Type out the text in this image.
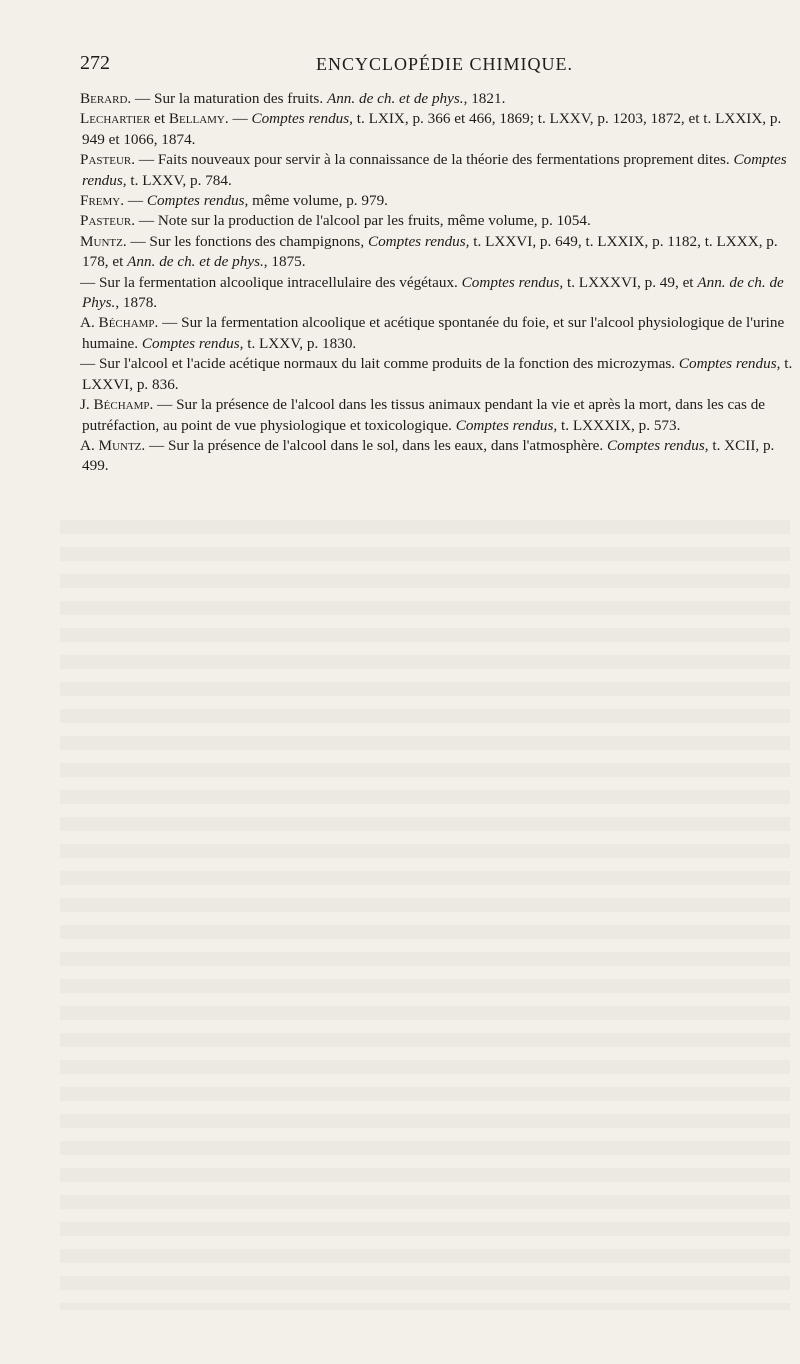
272	ENCYCLOPÉDIE CHIMIQUE.

Berard. — Sur la maturation des fruits. Ann. de ch. et de phys., 1821.

Lechartier et Bellamy. — Comptes rendus, t. LXIX, p. 366 et 466, 1869; t. LXXV, p. 1203, 1872, et t. LXXIX, p. 949 et 1066, 1874.

Pasteur. — Faits nouveaux pour servir à la connaissance de la théorie des fermentations proprement dites. Comptes rendus, t. LXXV, p. 784.

Fremy. — Comptes rendus, même volume, p. 979.

Pasteur. — Note sur la production de l'alcool par les fruits, même volume, p. 1054.

Muntz. — Sur les fonctions des champignons, Comptes rendus, t. LXXVI, p. 649, t. LXXIX, p. 1182, t. LXXX, p. 178, et Ann. de ch. et de phys., 1875.

— Sur la fermentation alcoolique intracellulaire des végétaux. Comptes rendus, t. LXXXVI, p. 49, et Ann. de ch. de Phys., 1878.

A. Béchamp. — Sur la fermentation alcoolique et acétique spontanée du foie, et sur l'alcool physiologique de l'urine humaine. Comptes rendus, t. LXXV, p. 1830.

— Sur l'alcool et l'acide acétique normaux du lait comme produits de la fonction des microzymas. Comptes rendus, t. LXXVI, p. 836.

J. Béchamp. — Sur la présence de l'alcool dans les tissus animaux pendant la vie et après la mort, dans les cas de putréfaction, au point de vue physiologique et toxicologique. Comptes rendus, t. LXXXIX, p. 573.

A. Muntz. — Sur la présence de l'alcool dans le sol, dans les eaux, dans l'atmosphère. Comptes rendus, t. XCII, p. 499.
